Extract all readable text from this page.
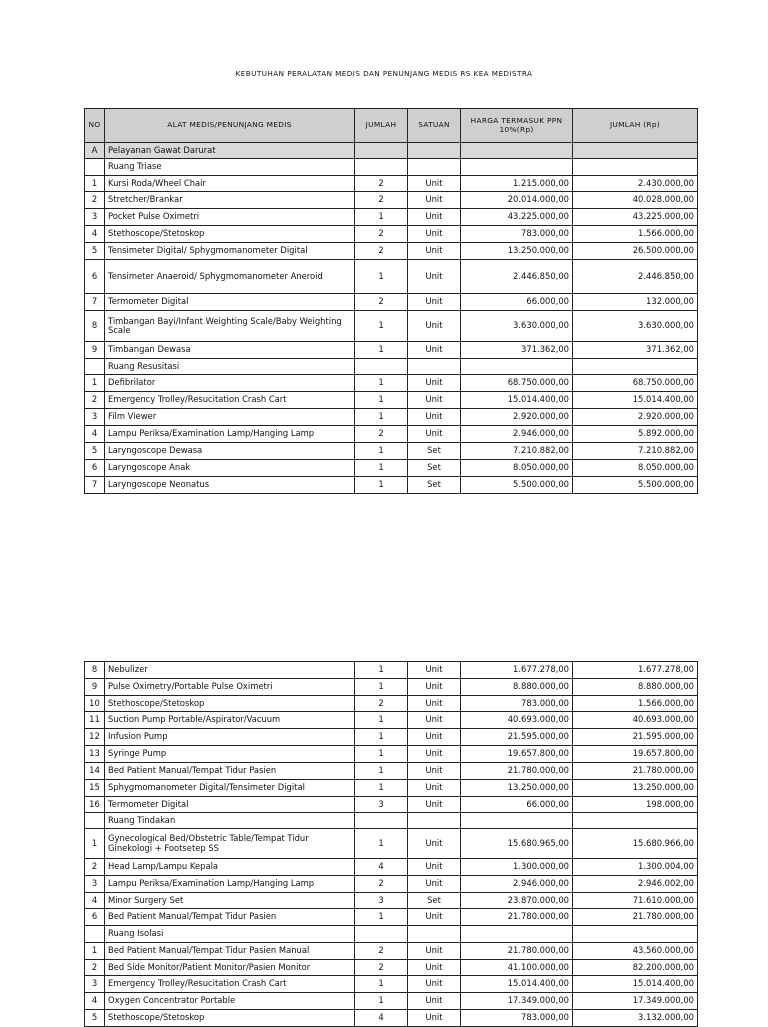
KEBUTUHAN PERALATAN MEDIS DAN PENUNJANG MEDIS RS KEA MEDISTRA
NO	ALAT MEDIS/PENUNJANG MEDIS	JUMLAH	SATUAN	HARGA TERMASUK PPN 10%(Rp)	JUMLAH (Rp)
A	Pelayanan Gawat Darurat				
	Ruang Triase				
1	Kursi Roda/Wheel Chair	2	Unit	1.215.000,00	2.430.000,00
2	Stretcher/Brankar	2	Unit	20.014.000,00	40.028.000,00
3	Pocket Pulse Oximetri	1	Unit	43.225.000,00	43.225.000,00
4	Stethoscope/Stetoskop	2	Unit	783.000,00	1.566.000,00
5	Tensimeter Digital/ Sphygmomanometer Digital	2	Unit	13.250.000,00	26.500.000,00
6	Tensimeter Anaeroid/ Sphygmomanometer Aneroid	1	Unit	2.446.850,00	2.446.850,00
7	Termometer Digital	2	Unit	66.000,00	132.000,00
8	Timbangan Bayi/Infant Weighting Scale/Baby Weighting Scale	1	Unit	3.630.000,00	3.630.000,00
9	Timbangan Dewasa	1	Unit	371.362,00	371.362,00
	Ruang Resusitasi				
1	Defibrilator	1	Unit	68.750.000,00	68.750.000,00
2	Emergency Trolley/Resucitation Crash Cart	1	Unit	15.014.400,00	15.014.400,00
3	Film Viewer	1	Unit	2.920.000,00	2.920.000,00
4	Lampu Periksa/Examination Lamp/Hanging Lamp	2	Unit	2.946.000,00	5.892.000,00
5	Laryngoscope Dewasa	1	Set	7.210.882,00	7.210.882,00
6	Laryngoscope Anak	1	Set	8.050.000,00	8.050.000,00
7	Laryngoscope Neonatus	1	Set	5.500.000,00	5.500.000,00
8	Nebulizer	1	Unit	1.677.278,00	1.677.278,00
9	Pulse Oximetry/Portable Pulse Oximetri	1	Unit	8.880.000,00	8.880.000,00
10	Stethoscope/Stetoskop	2	Unit	783.000,00	1.566.000,00
11	Suction Pump Portable/Aspirator/Vacuum	1	Unit	40.693.000,00	40.693.000,00
12	Infusion Pump	1	Unit	21.595.000,00	21.595.000,00
13	Syringe Pump	1	Unit	19.657.800,00	19.657.800,00
14	Bed Patient Manual/Tempat Tidur Pasien	1	Unit	21.780.000,00	21.780.000,00
15	Sphygmomanometer Digital/Tensimeter Digital	1	Unit	13.250.000,00	13.250.000,00
16	Termometer Digital	3	Unit	66.000,00	198.000,00
	Ruang Tindakan				
1	Gynecological Bed/Obstetric Table/Tempat Tidur Ginekologi + Footsetep SS	1	Unit	15.680.965,00	15.680.966,00
2	Head Lamp/Lampu Kepala	4	Unit	1.300.000,00	1.300.004,00
3	Lampu Periksa/Examination Lamp/Hanging Lamp	2	Unit	2.946.000,00	2.946.002,00
4	Minor Surgery Set	3	Set	23.870.000,00	71.610.000,00
6	Bed Patient Manual/Tempat Tidur Pasien	1	Unit	21.780.000,00	21.780.000,00
	Ruang Isolasi				
1	Bed Patient Manual/Tempat Tidur Pasien Manual	2	Unit	21.780.000,00	43.560.000,00
2	Bed Side Monitor/Patient Monitor/Pasien Monitor	2	Unit	41.100.000,00	82.200.000,00
3	Emergency Trolley/Resucitation Crash Cart	1	Unit	15.014.400,00	15.014.400,00
4	Oxygen Concentrator Portable	1	Unit	17.349.000,00	17.349.000,00
5	Stethoscope/Stetoskop	4	Unit	783.000,00	3.132.000,00
